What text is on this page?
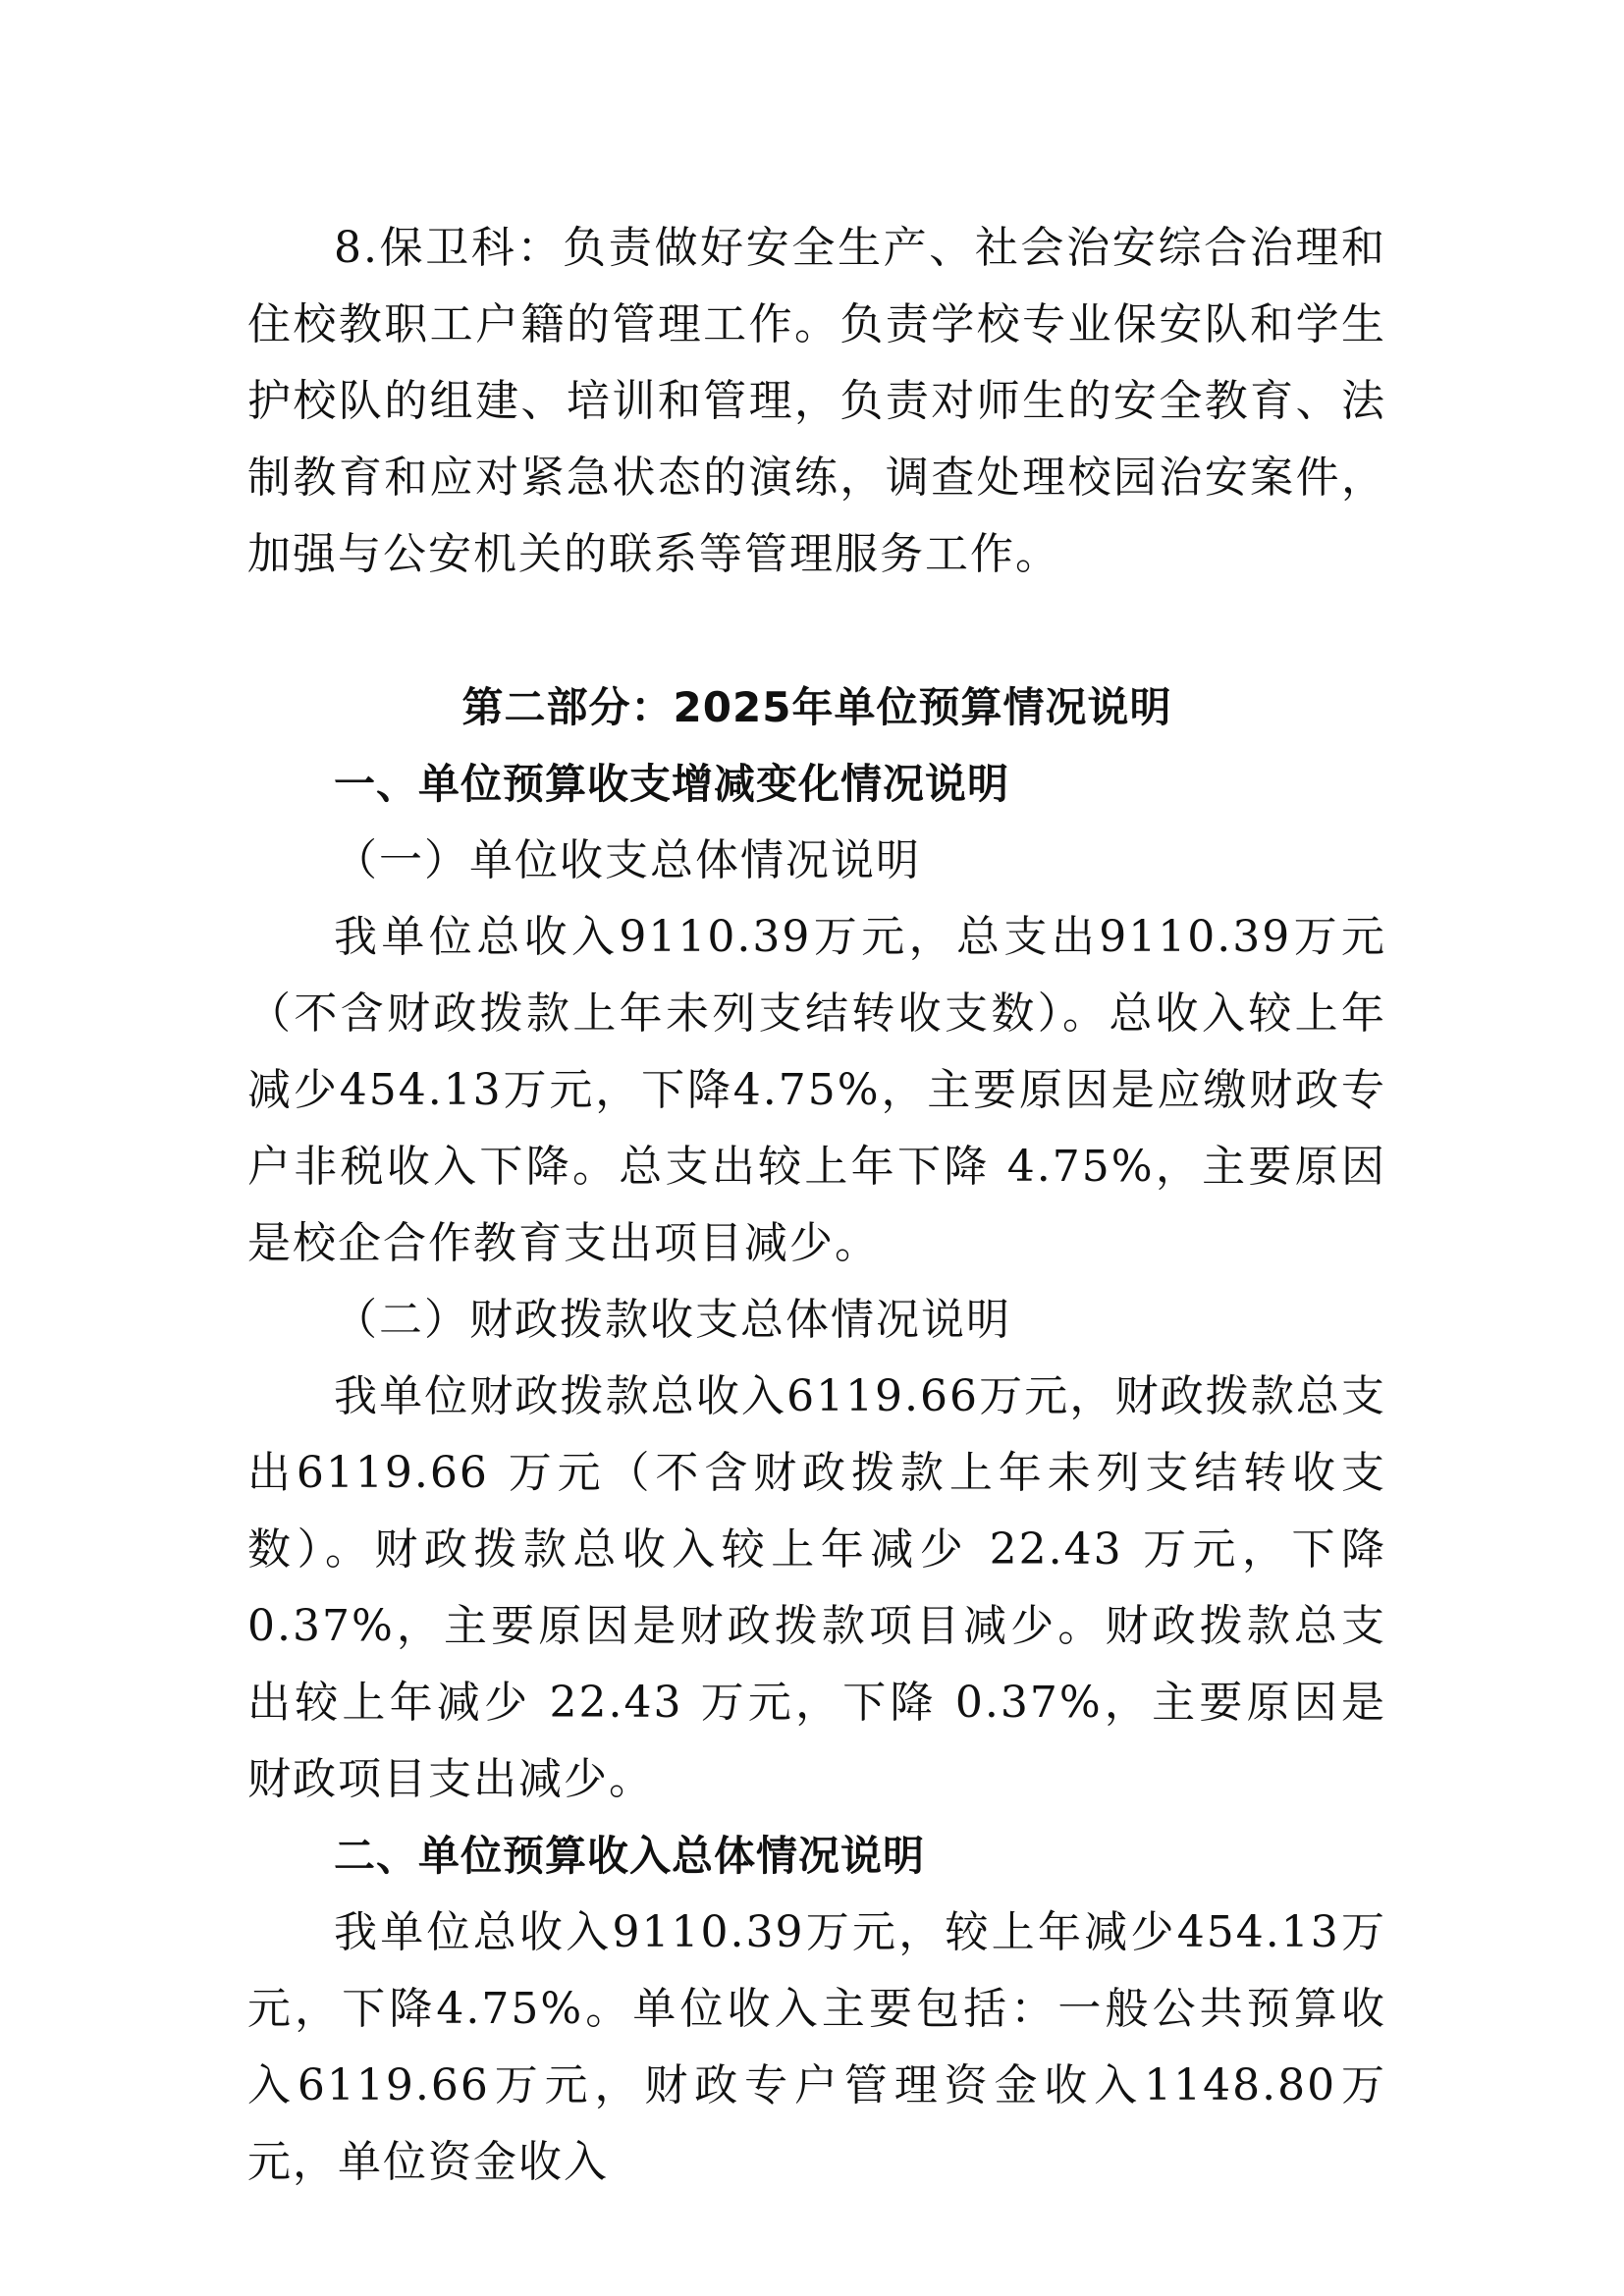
8.保卫科：负责做好安全生产、社会治安综合治理和住校教职工户籍的管理工作。负责学校专业保安队和学生护校队的组建、培训和管理，负责对师生的安全教育、法制教育和应对紧急状态的演练，调查处理校园治安案件，加强与公安机关的联系等管理服务工作。

第二部分：2025年单位预算情况说明

一、单位预算收支增减变化情况说明

（一）单位收支总体情况说明

我单位总收入9110.39万元，总支出9110.39万元（不含财政拨款上年未列支结转收支数）。总收入较上年减少454.13万元，下降4.75%，主要原因是应缴财政专户非税收入下降。总支出较上年下降 4.75%，主要原因是校企合作教育支出项目减少。

（二）财政拨款收支总体情况说明

我单位财政拨款总收入6119.66万元，财政拨款总支出6119.66 万元（不含财政拨款上年未列支结转收支数）。财政拨款总收入较上年减少 22.43 万元，下降 0.37%，主要原因是财政拨款项目减少。财政拨款总支出较上年减少 22.43 万元，下降 0.37%，主要原因是财政项目支出减少。

二、单位预算收入总体情况说明

我单位总收入9110.39万元，较上年减少454.13万元，下降4.75%。单位收入主要包括：一般公共预算收入6119.66万元，财政专户管理资金收入1148.80万元，单位资金收入
